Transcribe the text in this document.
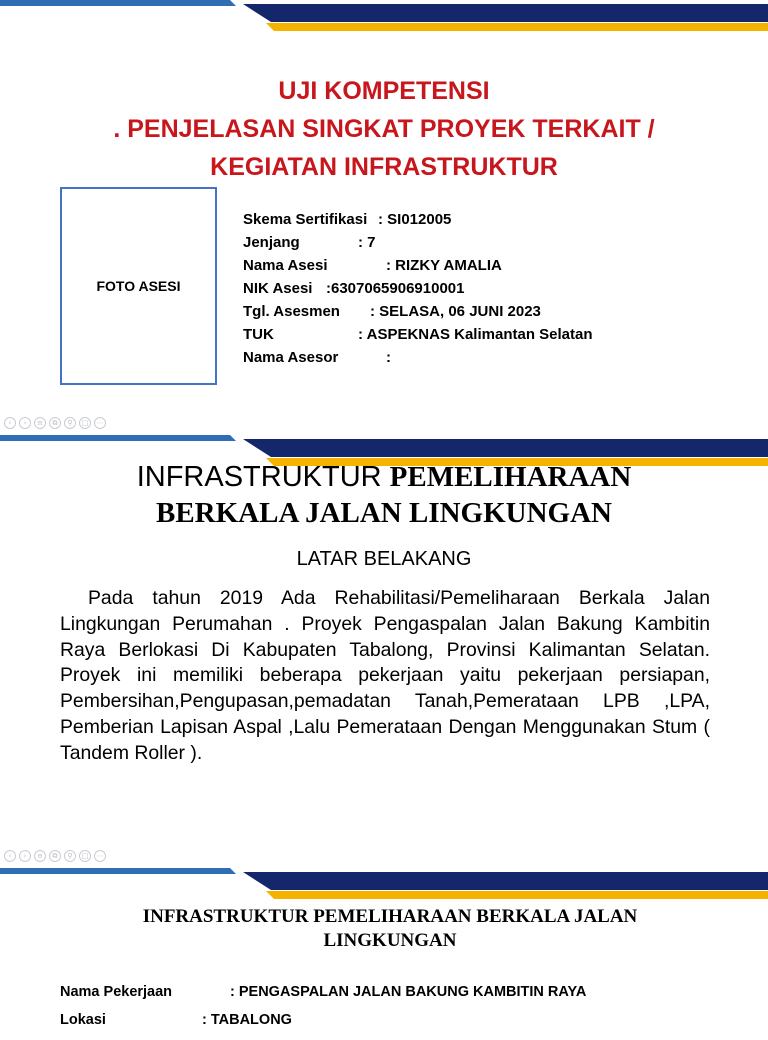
UJI KOMPETENSI
. PENJELASAN SINGKAT PROYEK TERKAIT /
KEGIATAN INFRASTRUKTUR
FOTO ASESI
Skema Sertifikasi : SI012005
Jenjang	: 7
Nama Asesi	: RIZKY AMALIA
NIK Asesi :6307065906910001
Tgl. Asesmen : SELASA, 06 JUNI 2023
TUK	: ASPEKNAS Kalimantan Selatan
Nama Asesor	:
‹	›	≡	⧉	⚲	□	⋯
INFRASTRUKTUR PEMELIHARAAN
BERKALA JALAN LINGKUNGAN
LATAR BELAKANG
Pada tahun 2019 Ada Rehabilitasi/Pemeliharaan Berkala Jalan Lingkungan Perumahan . Proyek Pengaspalan Jalan Bakung Kambitin Raya Berlokasi Di Kabupaten Tabalong, Provinsi Kalimantan Selatan. Proyek ini memiliki beberapa pekerjaan yaitu pekerjaan persiapan, Pembersihan,Pengupasan,pemadatan Tanah,Pemerataan LPB ,LPA, Pemberian Lapisan Aspal ,Lalu Pemerataan Dengan Menggunakan Stum ( Tandem Roller ).
‹	›	≡	⧉	⚲	□	⋯
INFRASTRUKTUR PEMELIHARAAN BERKALA JALAN LINGKUNGAN
Nama Pekerjaan	: PENGASPALAN JALAN BAKUNG KAMBITIN RAYA
Lokasi	: TABALONG
